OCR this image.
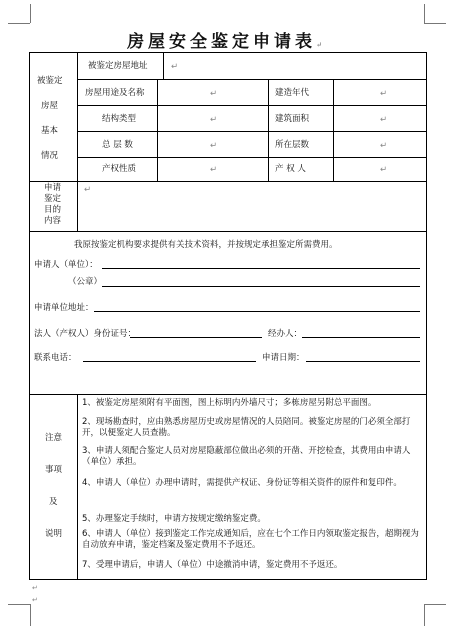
房屋安全鉴定申请表↵
被鉴定
房屋
基本
情况
被鉴定房屋地址	↵
房屋用途及名称	↵	建造年代	↵
结构类型	↵	建筑面积	↵
总 层 数	↵	所在层数	↵
产权性质	↵	产 权 人	↵
申请
鉴定
目的
内容
↵
我原按鉴定机构要求提供有关技术资料，并按规定承担鉴定所需费用。
申请人（单位）：
（公章）
申请单位地址：
法人（产权人）身份证号：	经办人：
联系电话：	申请日期：
注意
事项
及
说明
1、被鉴定房屋须附有平面图，图上标明内外墙尺寸；多栋房屋另附总平面图。
2、现场勘查时，应由熟悉房屋历史或房屋情况的人员陪同。被鉴定房屋的门必须全部打开，以便鉴定人员查勘。
3、申请人须配合鉴定人员对房屋隐蔽部位做出必须的开凿、开挖检查，其费用由申请人（单位）承担。
4、申请人（单位）办理申请时，需提供产权证、身份证等相关资件的原件和复印件。
5、办理鉴定手续时，申请方按规定缴纳鉴定费。
6、申请人（单位）接到鉴定工作完成通知后，应在七个工作日内领取鉴定报告，超期视为自动放弃申请，鉴定档案及鉴定费用不予返还。
7、受理申请后，申请人（单位）中途撤消申请，鉴定费用不予返还。
↵
↵
